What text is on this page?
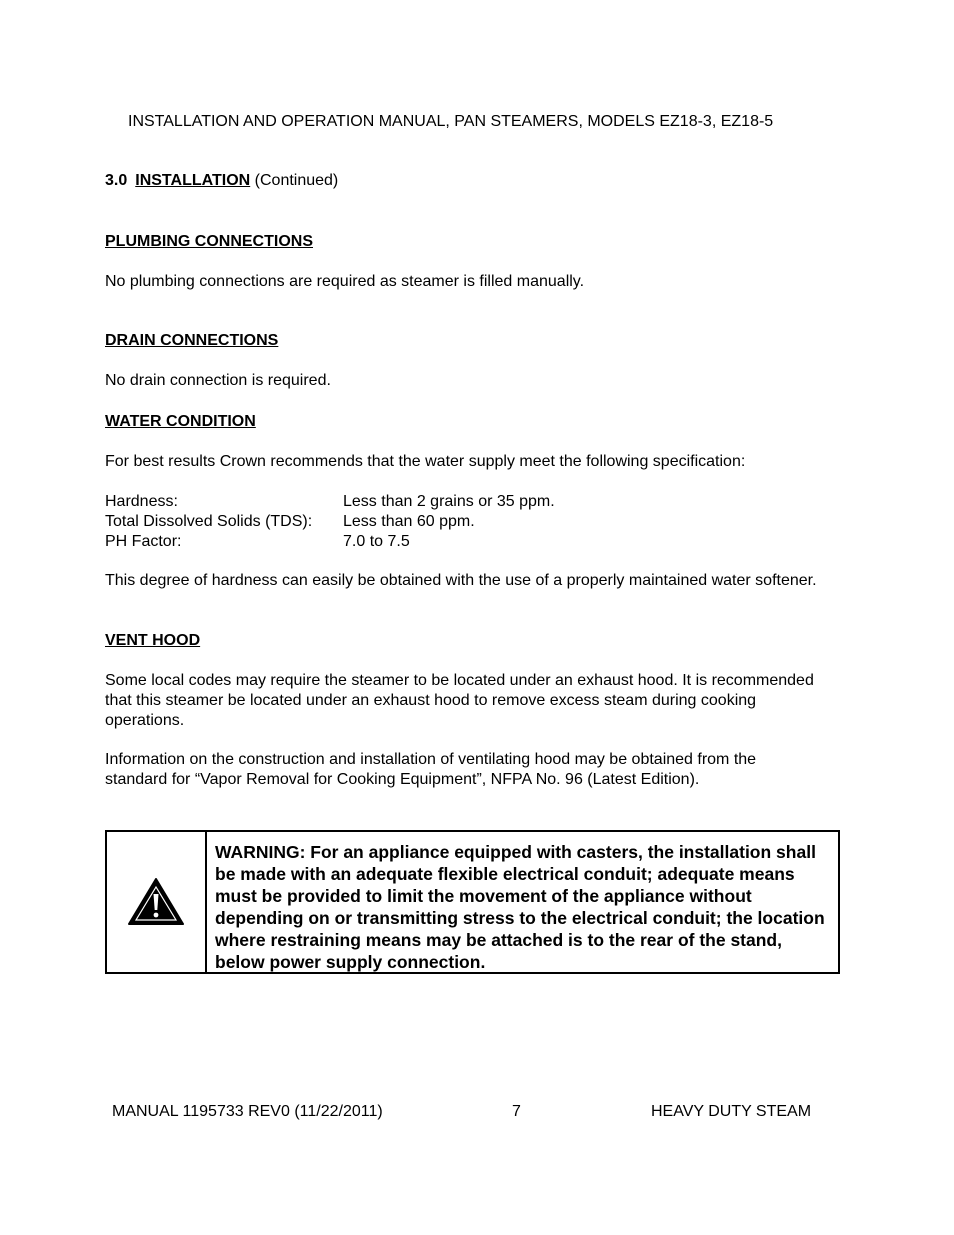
INSTALLATION AND OPERATION MANUAL, PAN STEAMERS, MODELS EZ18-3, EZ18-5

3.0 INSTALLATION (Continued)

PLUMBING CONNECTIONS

No plumbing connections are required as steamer is filled manually.

DRAIN CONNECTIONS

No drain connection is required.

WATER CONDITION

For best results Crown recommends that the water supply meet the following specification:

Hardness:	Less than 2 grains or 35 ppm.

Total Dissolved Solids (TDS): Less than 60 ppm.

PH Factor:	7.0 to 7.5

This degree of hardness can easily be obtained with the use of a properly maintained water softener.

VENT HOOD

Some local codes may require the steamer to be located under an exhaust hood. It is recommended that this steamer be located under an exhaust hood to remove excess steam during cooking operations.

Information on the construction and installation of ventilating hood may be obtained from the standard for “Vapor Removal for Cooking Equipment”, NFPA No. 96 (Latest Edition).

WARNING: For an appliance equipped with casters, the installation shall be made with an adequate flexible electrical conduit; adequate means must be provided to limit the movement of the appliance without depending on or transmitting stress to the electrical conduit; the location where restraining means may be attached is to the rear of the stand, below power supply connection.

MANUAL 1195733 REV0 (11/22/2011)	7	HEAVY DUTY STEAM
